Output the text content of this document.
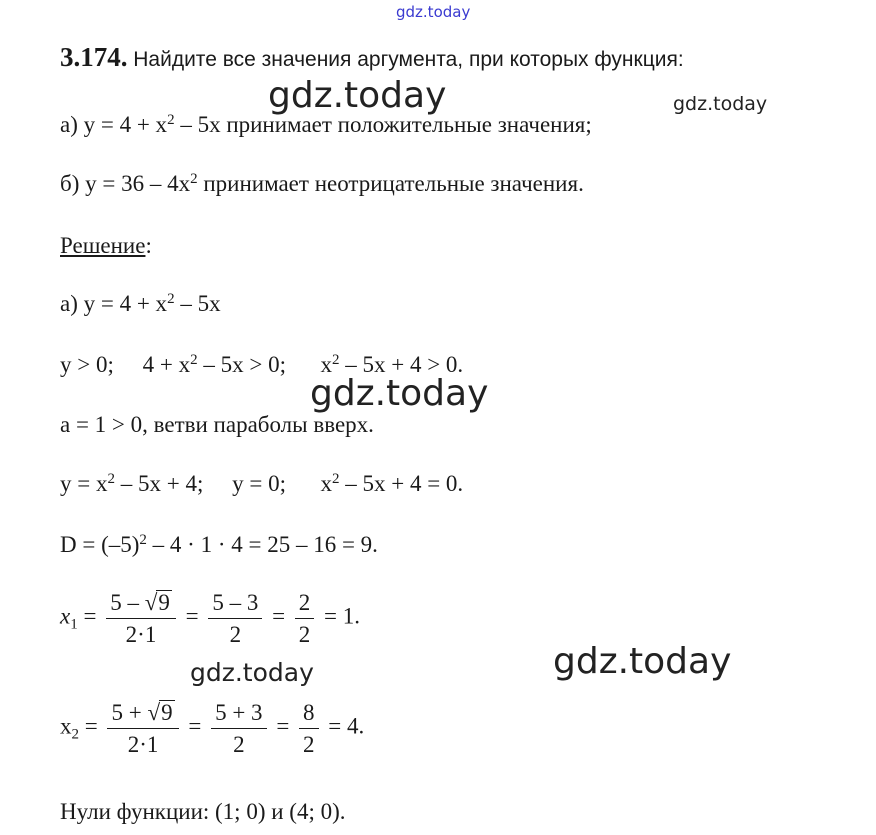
gdz.today
gdz.today	gdz.today
gdz.today
gdz.today	gdz.today
3.174. Найдите все значения аргумента, при которых функция:
а) $у = 4 + x^2 - 5x$ принимает положительные значения;
б) $у = 36 - 4x^2$ принимает неотрицательные значения.
Решение:
а) $у = 4 + x^2 - 5x$
у > 0;     $4 + x^2 - 5x > 0$;      $x^2 - 5x + 4 > 0$.
а = 1 > 0, ветви параболы вверх.
$у = x^2 - 5x + 4$;     у = 0;      $x^2 - 5x + 4 = 0$.
$D = (-5)^2 - 4 \cdot 1 \cdot 4 = 25 - 16 = 9$.
$x_1 = \frac{5 - √9}{2\cdot 1} = \frac{5 - 3}{2} = \frac{2}{2} = 1$.
$x_2 = \frac{5 + √9}{2\cdot 1} = \frac{5 + 3}{2} = \frac{8}{2} = 4$.
Нули функции: (1; 0) и (4; 0).
